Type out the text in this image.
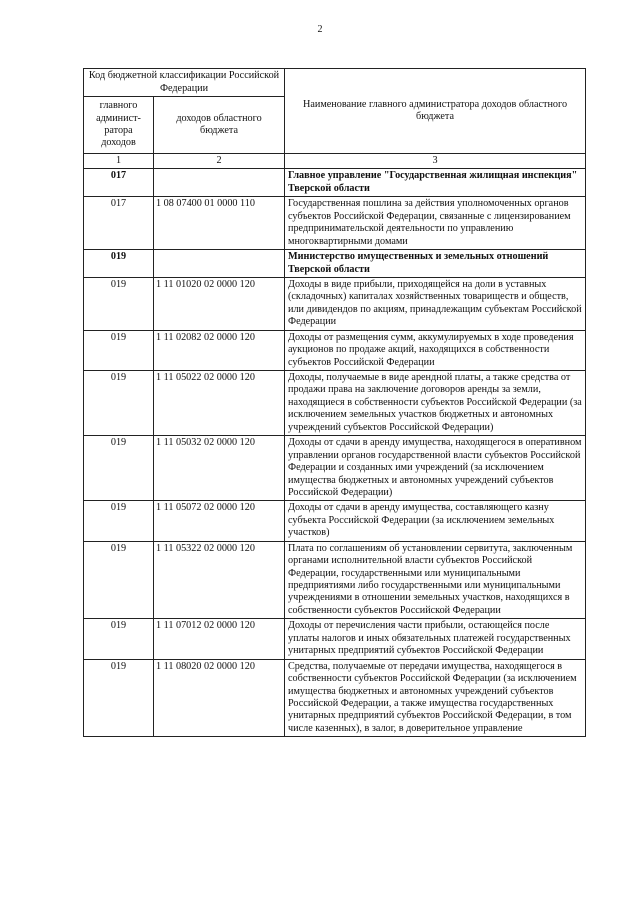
2
Код бюджетной классификации Российской Федерации		Наименование главного администратора доходов областного бюджета
главного админист-ратора доходов	доходов областного бюджета	
1	2	3
017		Главное управление "Государственная жилищная инспекция" Тверской области
017	1 08 07400 01 0000 110	Государственная пошлина за действия уполномоченных органов субъектов Российской Федерации, связанные с лицензированием предпринимательской деятельности по управлению многоквартирными домами
019		Министерство имущественных и земельных отношений Тверской области
019	1 11 01020 02 0000 120	Доходы в виде прибыли, приходящейся на доли в уставных (складочных) капиталах хозяйственных товариществ и обществ, или дивидендов по акциям, принадлежащим субъектам Российской Федерации
019	1 11 02082 02 0000 120	Доходы от размещения сумм, аккумулируемых в ходе проведения аукционов по продаже акций, находящихся в собственности субъектов Российской Федерации
019	1 11 05022 02 0000 120	Доходы, получаемые в виде арендной платы, а также средства от продажи права на заключение договоров аренды за земли, находящиеся в собственности субъектов Российской Федерации (за исключением земельных участков бюджетных и автономных учреждений субъектов Российской Федерации)
019	1 11 05032 02 0000 120	Доходы от сдачи в аренду имущества, находящегося в оперативном управлении органов государственной власти субъектов Российской Федерации и созданных ими учреждений (за исключением имущества бюджетных и автономных учреждений субъектов Российской Федерации)
019	1 11 05072 02 0000 120	Доходы от сдачи в аренду имущества, составляющего казну субъекта Российской Федерации (за исключением земельных участков)
019	1 11 05322 02 0000 120	Плата по соглашениям об установлении сервитута, заключенным органами исполнительной власти субъектов Российской Федерации, государственными или муниципальными предприятиями либо государственными или муниципальными учреждениями в отношении земельных участков, находящихся в собственности субъектов Российской Федерации
019	1 11 07012 02 0000 120	Доходы от перечисления части прибыли, остающейся после уплаты налогов и иных обязательных платежей государственных унитарных предприятий субъектов Российской Федерации
019	1 11 08020 02 0000 120	Средства, получаемые от передачи имущества, находящегося в собственности субъектов Российской Федерации (за исключением имущества бюджетных и автономных учреждений субъектов Российской Федерации, а также имущества государственных унитарных предприятий субъектов Российской Федерации, в том числе казенных), в залог, в доверительное управление
